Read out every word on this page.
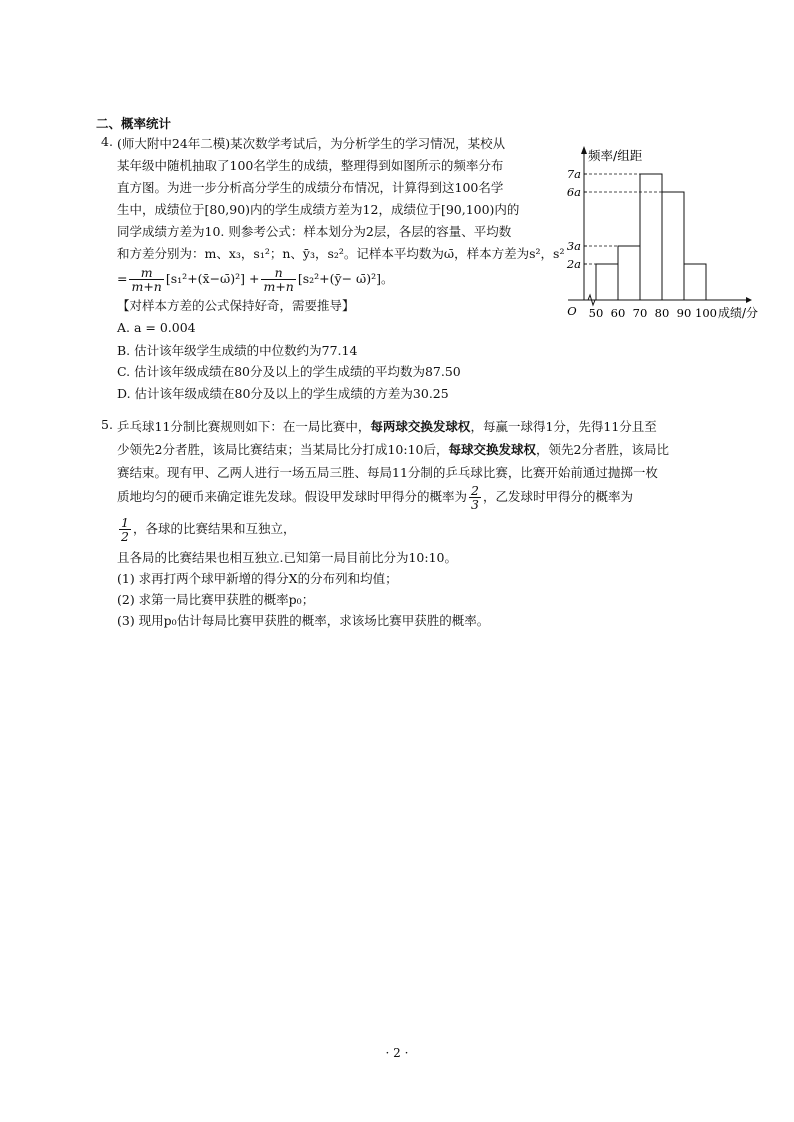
二、概率统计
4. (师大附中24年二模)某次数学考试后，为分析学生的学习情况，某校从
某年级中随机抽取了100名学生的成绩，整理得到如图所示的频率分布
直方图。为进一步分析高分学生的成绩分布情况，计算得到这100名学
生中，成绩位于[80,90)内的学生成绩方差为12，成绩位于[90,100)内的
同学成绩方差为10. 则参考公式：样本划分为2层，各层的容量、平均数
和方差分别为：m、x₃，s₁²；n、ȳ₃，s₂²。记样本平均数为ω̄，样本方差为s²，s²
= $\frac{m}{m+n}$ [s₁²+(x̄−ω̄)²] + $\frac{n}{m+n}$ [s₂²+(ȳ− ω̄)²]。
【对样本方差的公式保持好奇，需要推导】
A. a = 0.004
B. 估计该年级学生成绩的中位数约为77.14
C. 估计该年级成绩在80分及以上的学生成绩的平均数为87.50
D. 估计该年级成绩在80分及以上的学生成绩的方差为30.25
2a
3a
6a
7a
50 60 70 80 90 100
O
频率/组距
成绩/分
5. 乒乓球11分制比赛规则如下：在一局比赛中，每两球交换发球权，每赢一球得1分，先得11分且至
少领先2分者胜，该局比赛结束；当某局比分打成10:10后，每球交换发球权，领先2分者胜，该局比
赛结束。现有甲、乙两人进行一场五局三胜、每局11分制的乒乓球比赛，比赛开始前通过抛掷一枚
质地均匀的硬币来确定谁先发球。假设甲发球时甲得分的概率为 $\frac{2}{3}$ ，乙发球时甲得分的概率为
$\frac{1}{2}$ ，各球的比赛结果和互独立，
且各局的比赛结果也相互独立.已知第一局目前比分为10:10。
(1) 求再打两个球甲新增的得分X的分布列和均值；
(2) 求第一局比赛甲获胜的概率p₀；
(3) 现用p₀估计每局比赛甲获胜的概率，求该场比赛甲获胜的概率。
· 2 ·
